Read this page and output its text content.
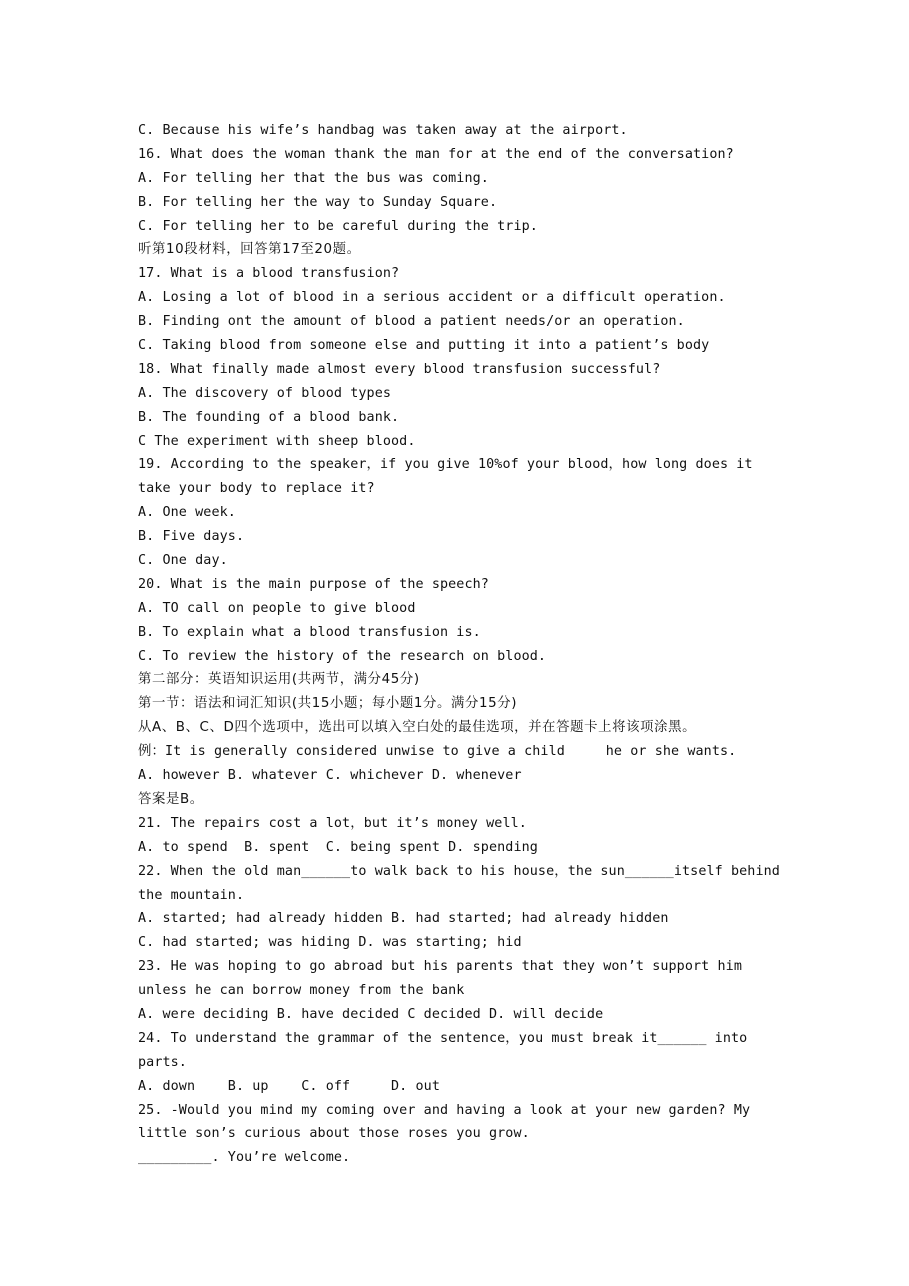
C. Because his wife’s handbag was taken away at the airport.
16. What does the woman thank the man for at the end of the conversation?
A. For telling her that the bus was coming.
B. For telling her the way to Sunday Square.
C. For telling her to be careful during the trip.
听第10段材料，回答第17至20题。
17. What is a blood transfusion?
A. Losing a lot of blood in a serious accident or a difficult operation.
B. Finding ont the amount of blood a patient needs/or an operation.
C. Taking blood from someone else and putting it into a patient’s body
18. What finally made almost every blood transfusion successful?
A. The discovery of blood types
B. The founding of a blood bank.
C The experiment with sheep blood.
19. According to the speaker，if you give 10%of your blood，how long does it
take your body to replace it?
A. One week.
B. Five days.
C. One day.
20. What is the main purpose of the speech?
A. TO call on people to give blood
B. To explain what a blood transfusion is.
C. To review the history of the research on blood.
第二部分：英语知识运用(共两节，满分45分)
第一节：语法和词汇知识(共15小题；每小题1分。满分15分)
从A、B、C、D四个选项中，选出可以填入空白处的最佳选项，并在答题卡上将该项涂黑。
例：It is generally considered unwise to give a child     he or she wants.
A. however B. whatever C. whichever D. whenever
答案是B。
21. The repairs cost a lot，but it’s money well.
A. to spend  B. spent  C. being spent D. spending
22. When the old man______to walk back to his house，the sun______itself behind
the mountain.
A. started; had already hidden B. had started; had already hidden
C. had started; was hiding D. was starting; hid
23. He was hoping to go abroad but his parents that they won’t support him
unless he can borrow money from the bank
A. were deciding B. have decided C decided D. will decide
24. To understand the grammar of the sentence，you must break it______ into
parts.
A. down    B. up    C. off     D. out
25. -Would you mind my coming over and having a look at your new garden? My
little son’s curious about those roses you grow.
_________. You’re welcome.
